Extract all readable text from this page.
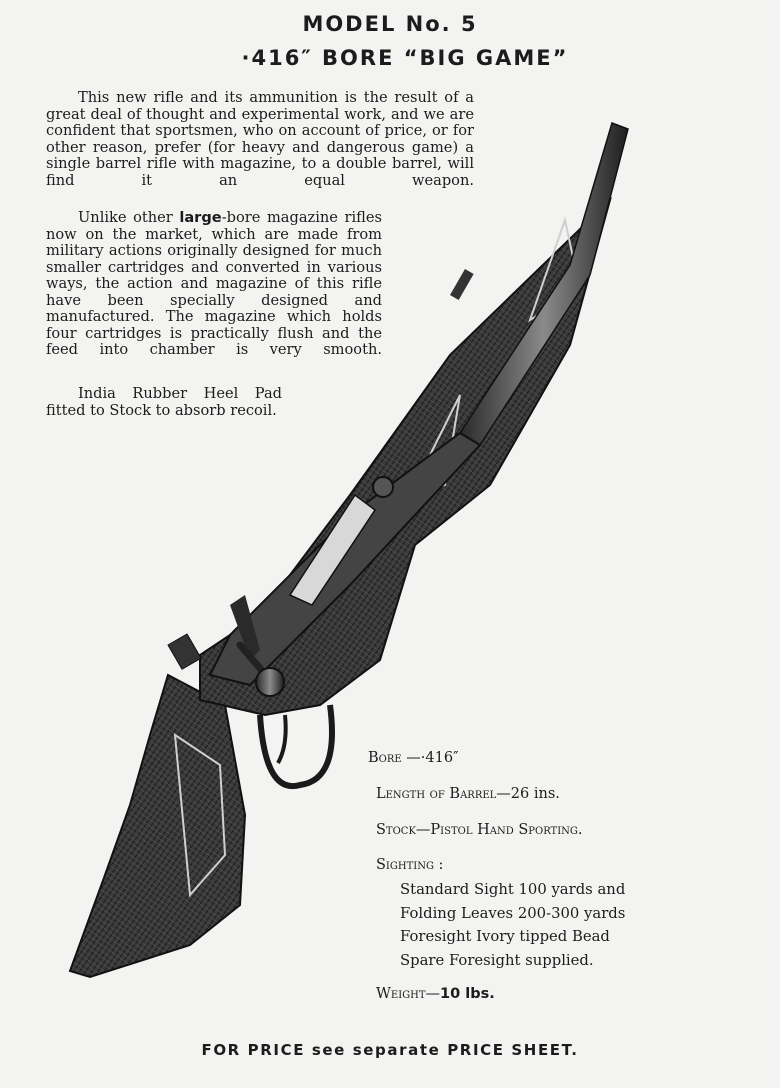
MODEL No. 5
·416″ BORE “BIG GAME”
This new rifle and its ammunition is the result of a great deal of thought and experimental work, and we are confident that sportsmen, who on account of price, or for other reason, prefer (for heavy and dangerous game) a single barrel rifle with magazine, to a double barrel, will find it an equal weapon.
Unlike other large-bore magazine rifles now on the market, which are made from military actions originally designed for much smaller cartridges and converted in various ways, the action and magazine of this rifle have been specially designed and manufactured. The magazine which holds four cartridges is practically flush and the feed into chamber is very smooth.
India Rubber Heel Pad fitted to Stock to absorb recoil.
Bore —·416″
Length of Barrel—26 ins.
Stock—Pistol Hand Sporting.
Sighting :
Standard Sight 100 yards and
Folding Leaves 200-300 yards
Foresight Ivory tipped Bead
Spare Foresight supplied.
Weight—10 lbs.
FOR PRICE see separate PRICE SHEET.
